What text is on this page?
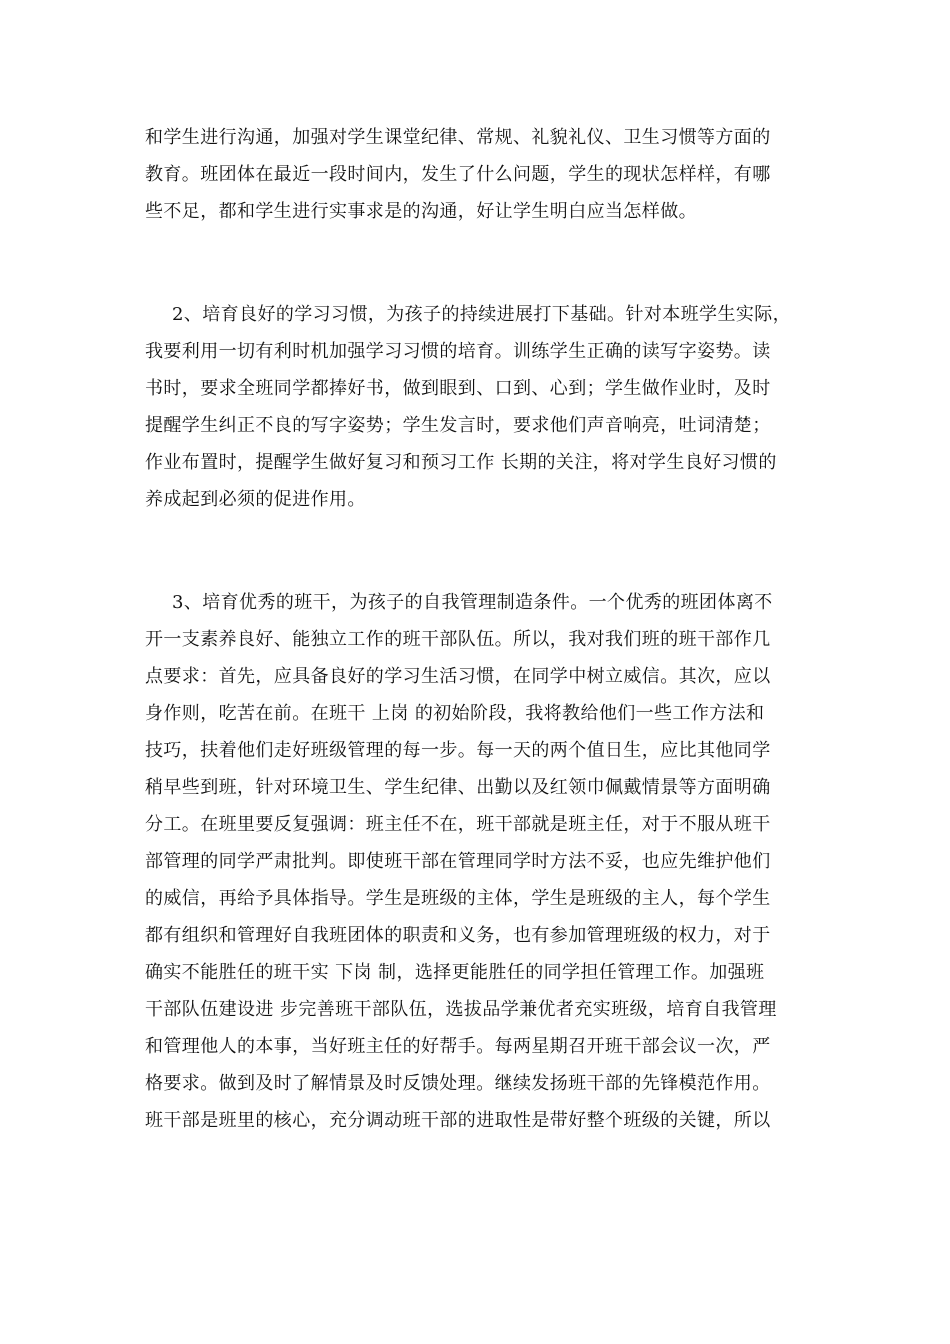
和学生进行沟通，加强对学生课堂纪律、常规、礼貌礼仪、卫生习惯等方面的
教育。班团体在最近一段时间内，发生了什么问题，学生的现状怎样样，有哪
些不足，都和学生进行实事求是的沟通，好让学生明白应当怎样做。
2、培育良好的学习习惯，为孩子的持续进展打下基础。针对本班学生实际，
我要利用一切有利时机加强学习习惯的培育。训练学生正确的读写字姿势。读
书时，要求全班同学都捧好书，做到眼到、口到、心到；学生做作业时，及时
提醒学生纠正不良的写字姿势；学生发言时，要求他们声音响亮，吐词清楚；
作业布置时，提醒学生做好复习和预习工作 长期的关注，将对学生良好习惯的
养成起到必须的促进作用。
3、培育优秀的班干，为孩子的自我管理制造条件。一个优秀的班团体离不
开一支素养良好、能独立工作的班干部队伍。所以，我对我们班的班干部作几
点要求：首先，应具备良好的学习生活习惯，在同学中树立威信。其次，应以
身作则，吃苦在前。在班干 上岗 的初始阶段，我将教给他们一些工作方法和
技巧，扶着他们走好班级管理的每一步。每一天的两个值日生，应比其他同学
稍早些到班，针对环境卫生、学生纪律、出勤以及红领巾佩戴情景等方面明确
分工。在班里要反复强调：班主任不在，班干部就是班主任，对于不服从班干
部管理的同学严肃批判。即使班干部在管理同学时方法不妥，也应先维护他们
的威信，再给予具体指导。学生是班级的主体，学生是班级的主人，每个学生
都有组织和管理好自我班团体的职责和义务，也有参加管理班级的权力，对于
确实不能胜任的班干实 下岗 制，选择更能胜任的同学担任管理工作。加强班
干部队伍建设进 步完善班干部队伍，选拔品学兼优者充实班级，培育自我管理
和管理他人的本事，当好班主任的好帮手。每两星期召开班干部会议一次，严
格要求。做到及时了解情景及时反馈处理。继续发扬班干部的先锋模范作用。
班干部是班里的核心，充分调动班干部的进取性是带好整个班级的关键，所以
